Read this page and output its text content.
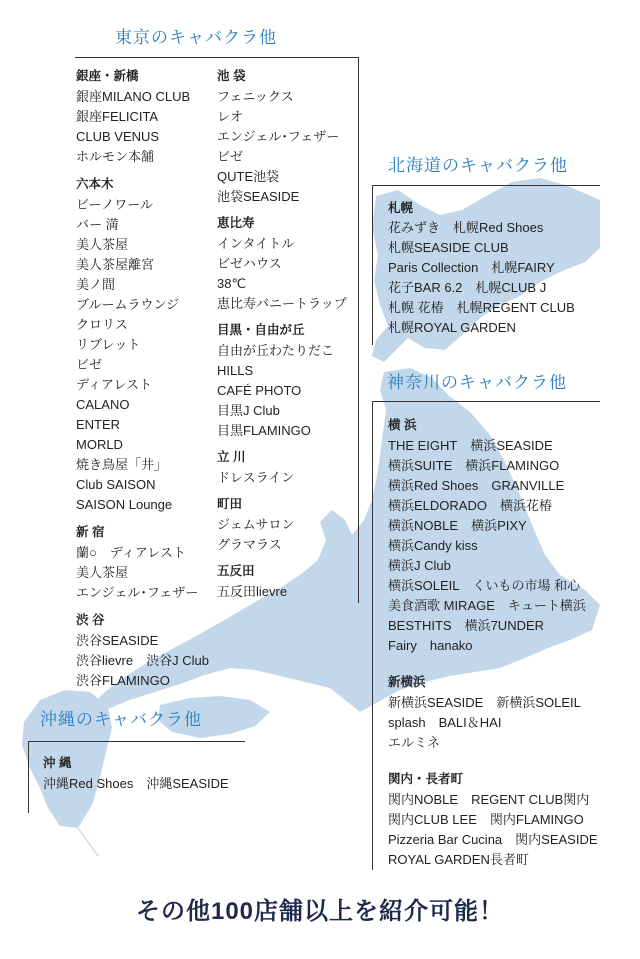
東京のキャバクラ他
銀座・新橋
銀座MILANO CLUB
銀座FELICITA
CLUB VENUS
ホルモン本舗
六本木
ビーノワール
バー 満
美人茶屋
美人茶屋離宮
美ノ間
ブルームラウンジ
クロリス
リブレット
ビゼ
ディアレスト
CALANO
ENTER
MORLD
焼き鳥屋「井」
Club SAISON
SAISON Lounge
新 宿
蘭○ ディアレスト
美人茶屋
エンジェル･フェザー
渋 谷
渋谷SEASIDE
渋谷lievre 渋谷J Club
渋谷FLAMINGO
池 袋
フェニックス
レオ
エンジェル･フェザー
ビゼ
QUTE池袋
池袋SEASIDE
恵比寿
インタイトル
ビゼハウス
38℃
恵比寿バニートラップ
目黒・自由が丘
自由が丘わたりだこ
HILLS
CAFÉ PHOTO
目黒J Club
目黒FLAMINGO
立 川
ドレスライン
町田
ジェムサロン
グラマラス
五反田
五反田lievre
北海道のキャバクラ他
札幌
花みずき 札幌Red Shoes
札幌SEASIDE CLUB
Paris Collection 札幌FAIRY
花子BAR 6.2 札幌CLUB J
札幌 花椿 札幌REGENT CLUB
札幌ROYAL GARDEN
神奈川のキャバクラ他
横 浜
THE EIGHT 横浜SEASIDE
横浜SUITE 横浜FLAMINGO
横浜Red Shoes GRANVILLE
横浜ELDORADO 横浜花椿
横浜NOBLE 横浜PIXY
横浜Candy kiss
横浜J Club
横浜SOLEIL くいもの市場 和心
美食酒歌 MIRAGE キュート横浜
BESTHITS 横浜7UNDER
Fairy hanako
新横浜
新横浜SEASIDE 新横浜SOLEIL
splash BALI＆HAI
エルミネ
関内・長者町
関内NOBLE REGENT CLUB関内
関内CLUB LEE 関内FLAMINGO
Pizzeria Bar Cucina 関内SEASIDE
ROYAL GARDEN長者町
沖縄のキャバクラ他
沖 縄
沖縄Red Shoes 沖縄SEASIDE
その他100店舗以上を紹介可能！
